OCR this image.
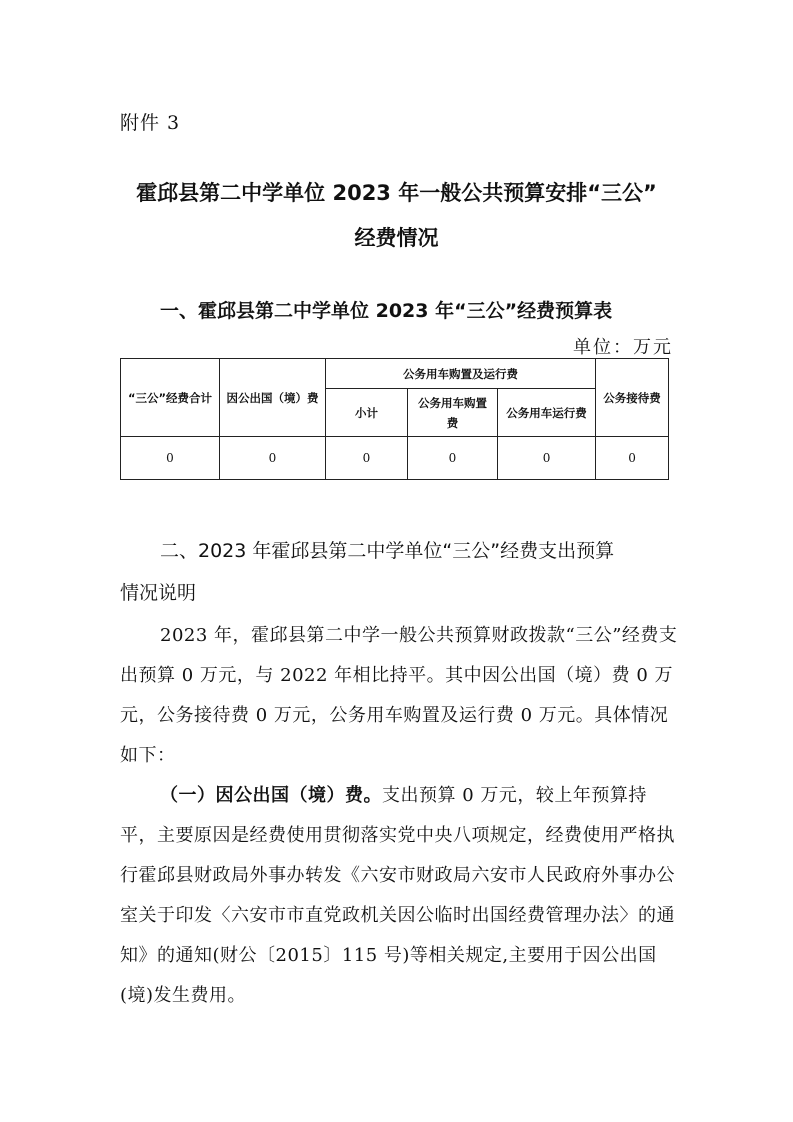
附件 3
霍邱县第二中学单位 2023 年一般公共预算安排“三公”
经费情况
一、霍邱县第二中学单位 2023 年“三公”经费预算表
单位：万元
“三公”经费合计	因公出国（境）费	公务用车购置及运行费			公务接待费
		小计	公务用车购置费	公务用车运行费	
0	0	0	0	0	0
二、2023 年霍邱县第二中学单位“三公”经费支出预算
情况说明

2023 年，霍邱县第二中学一般公共预算财政拨款“三公”经费支出预算 0 万元，与 2022 年相比持平。其中因公出国（境）费 0 万元，公务接待费 0 万元，公务用车购置及运行费 0 万元。具体情况如下：

（一）因公出国（境）费。支出预算 0 万元，较上年预算持平，主要原因是经费使用贯彻落实党中央八项规定，经费使用严格执行霍邱县财政局外事办转发《六安市财政局六安市人民政府外事办公室关于印发〈六安市市直党政机关因公临时出国经费管理办法〉的通知》的通知(财公〔2015〕115 号)等相关规定,主要用于因公出国(境)发生费用。
